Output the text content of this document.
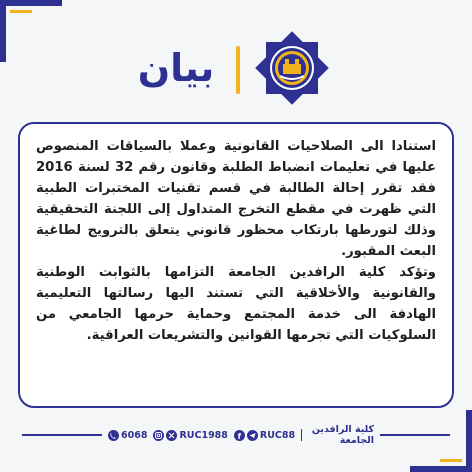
بيان

استنادا الى الصلاحيات القانونية وعملا بالسياقات المنصوص عليها في تعليمات انضباط الطلبة وقانون رقم 32 لسنة 2016 فقد تقرر إحالة الطالبة في قسم تقنيات المختبرات الطبية التي ظهرت في مقطع التخرج المتداول إلى اللجنة التحقيقية وذلك لتورطها بارتكاب محظور قانوني يتعلق بالترويج لطاغية البعث المقبور.

وتؤكد كلية الرافدين الجامعة التزامها بالثوابت الوطنية والقانونية والأخلاقية التي تستند اليها رسالتها التعليمية الهادفة الى خدمة المجتمع وحماية حرمها الجامعي من السلوكيات التي تجرمها القوانين والتشريعات العراقية.

كلية الرافدين الجامعة
f RUC88
RUC1988
6068
